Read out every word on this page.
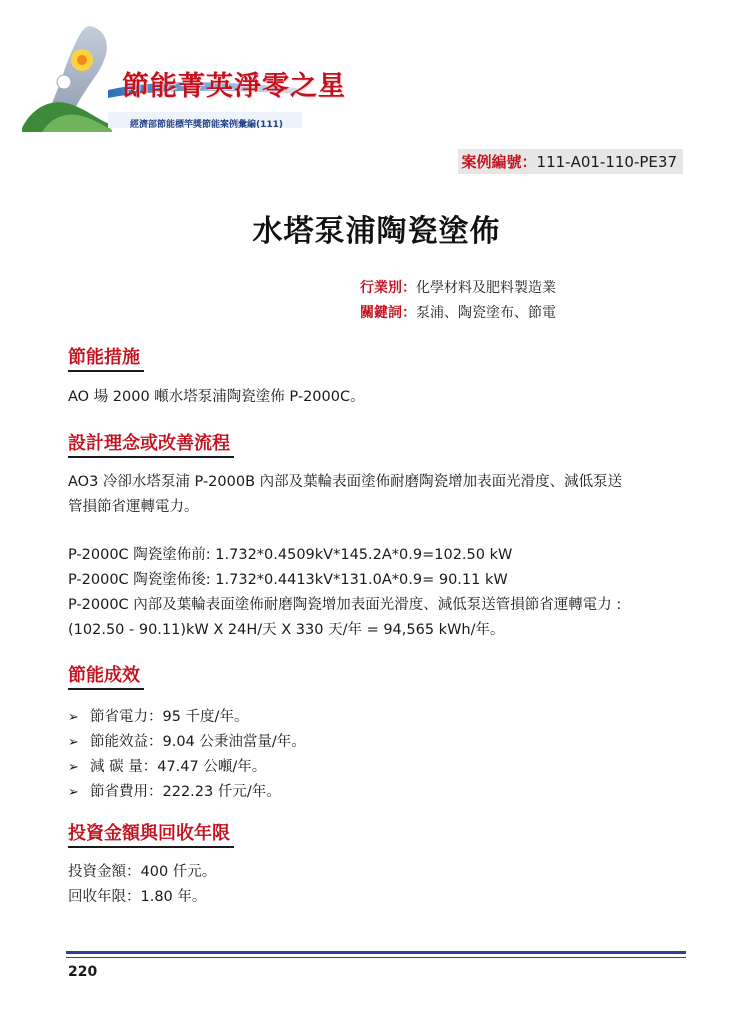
節能菁英淨零之星
經濟部節能標竿獎節能案例彙編(111)
案例編號：111-A01-110-PE37
水塔泵浦陶瓷塗佈
行業別：化學材料及肥料製造業
關鍵詞：泵浦、陶瓷塗布、節電
節能措施
AO 場 2000 噸水塔泵浦陶瓷塗佈 P-2000C。
設計理念或改善流程
AO3 冷卻水塔泵浦 P-2000B 內部及葉輪表面塗佈耐磨陶瓷增加表面光滑度、減低泵送
管損節省運轉電力。
P-2000C 陶瓷塗佈前: 1.732*0.4509kV*145.2A*0.9=102.50 kW
P-2000C 陶瓷塗佈後: 1.732*0.4413kV*131.0A*0.9= 90.11 kW
P-2000C 內部及葉輪表面塗佈耐磨陶瓷增加表面光滑度、減低泵送管損節省運轉電力 :
(102.50 - 90.11)kW X 24H/天 X 330 天/年 = 94,565 kWh/年。
節能成效
➢ 節省電力：95 千度/年。
➢ 節能效益：9.04 公秉油當量/年。
➢ 減 碳 量：47.47 公噸/年。
➢ 節省費用：222.23 仟元/年。
投資金額與回收年限
投資金額：400 仟元。
回收年限：1.80 年。
220
